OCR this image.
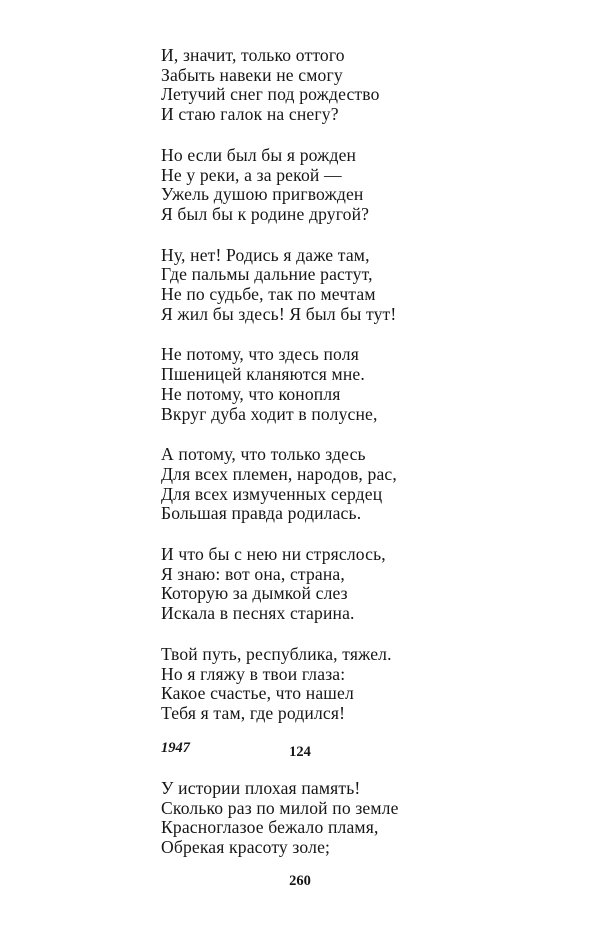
И, значит, только оттого
Забыть навеки не смогу
Летучий снег под рождество
И стаю галок на снегу?
Но если был бы я рожден
Не у реки, а за рекой —
Ужель душою пригвожден
Я был бы к родине другой?
Ну, нет! Родись я даже там,
Где пальмы дальние растут,
Не по судьбе, так по мечтам
Я жил бы здесь! Я был бы тут!
Не потому, что здесь поля
Пшеницей кланяются мне.
Не потому, что конопля
Вкруг дуба ходит в полусне,
А потому, что только здесь
Для всех племен, народов, рас,
Для всех измученных сердец
Большая правда родилась.
И что бы с нею ни стряслось,
Я знаю: вот она, страна,
Которую за дымкой слез
Искала в песнях старина.
Твой путь, республика, тяжел.
Но я гляжу в твои глаза:
Какое счастье, что нашел
Тебя я там, где родился!
1947	124
У истории плохая память!
Сколько раз по милой по земле
Красноглазое бежало пламя,
Обрекая красоту золе;
260
